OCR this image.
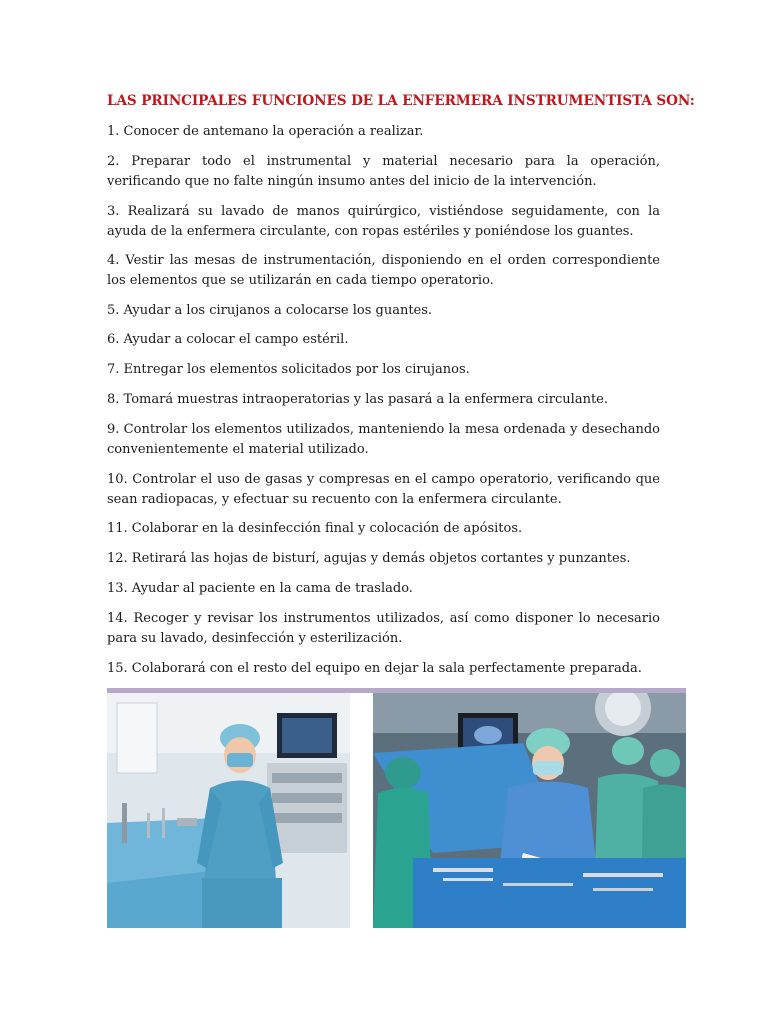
LAS PRINCIPALES FUNCIONES DE LA ENFERMERA INSTRUMENTISTA SON:
1. Conocer de antemano la operación a realizar.
2. Preparar todo el instrumental y material necesario para la operación, verificando que no falte ningún insumo antes del inicio de la intervención.
3. Realizará su lavado de manos quirúrgico, vistiéndose seguidamente, con la ayuda de la enfermera circulante, con ropas estériles y poniéndose los guantes.
4. Vestir las mesas de instrumentación, disponiendo en el orden correspondiente los elementos que se utilizarán en cada tiempo operatorio.
5. Ayudar a los cirujanos a colocarse los guantes.
6. Ayudar a colocar el campo estéril.
7. Entregar los elementos solicitados por los cirujanos.
8. Tomará muestras intraoperatorias y las pasará a la enfermera circulante.
9. Controlar los elementos utilizados, manteniendo la mesa ordenada y desechando convenientemente el material utilizado.
10. Controlar el uso de gasas y compresas en el campo operatorio, verificando que sean radiopacas, y efectuar su recuento con la enfermera circulante.
11. Colaborar en la desinfección final y colocación de apósitos.
12. Retirará las hojas de bisturí, agujas y demás objetos cortantes y punzantes.
13. Ayudar al paciente en la cama de traslado.
14. Recoger y revisar los instrumentos utilizados, así como disponer lo necesario para su lavado, desinfección y esterilización.
15. Colaborará con el resto del equipo en dejar la sala perfectamente preparada.
